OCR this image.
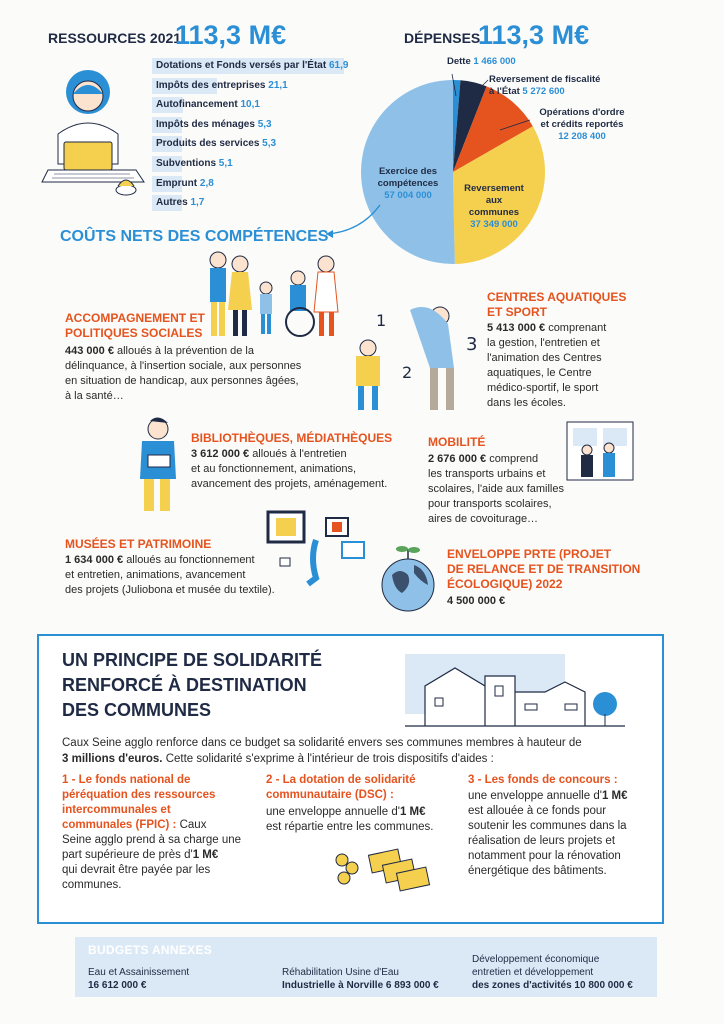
RESSOURCES 2021
113,3 M€	DÉPENSES
113,3 M€
Dotations et Fonds versés par l'État 61,9
Impôts des entreprises 21,1
Autofinancement 10,1
Impôts des ménages 5,3
Produits des services 5,3
Subventions 5,1
Emprunt 2,8
Autres 1,7
Dette 1 466 000
Reversement de fiscalité
à l'État 5 272 600
Opérations d'ordre
et crédits reportés
12 208 400
Exercice des
compétences
57 004 000
Reversement
aux
communes
37 349 000
COÛTS NETS DES COMPÉTENCES
ACCOMPAGNEMENT ET
POLITIQUES SOCIALES
443 000 € alloués à la prévention de la
délinquance, à l'insertion sociale, aux personnes
en situation de handicap, aux personnes âgées,
à la santé…
1
2
3
CENTRES AQUATIQUES
ET SPORT
5 413 000 € comprenant
la gestion, l'entretien et
l'animation des Centres
aquatiques, le Centre
médico-sportif, le sport
dans les écoles.
BIBLIOTHÈQUES, MÉDIATHÈQUES
3 612 000 € alloués à l'entretien
et au fonctionnement, animations,
avancement des projets, aménagement.
MOBILITÉ
2 676 000 € comprend
les transports urbains et
scolaires, l'aide aux familles
pour transports scolaires,
aires de covoiturage…
MUSÉES ET PATRIMOINE
1 634 000 € alloués au fonctionnement
et entretien, animations, avancement
des projets (Juliobona et musée du textile).
ENVELOPPE PRTE (PROJET
DE RELANCE ET DE TRANSITION
ÉCOLOGIQUE) 2022
4 500 000 €
UN PRINCIPE DE SOLIDARITÉ
RENFORCÉ À DESTINATION
DES COMMUNES
Caux Seine agglo renforce dans ce budget sa solidarité envers ses communes membres à hauteur de
3 millions d'euros. Cette solidarité s'exprime à l'intérieur de trois dispositifs d'aides :
1 - Le fonds national de
péréquation des ressources
intercommunales et
communales (FPIC) : Caux
Seine agglo prend à sa charge une
part supérieure de près d'1 M€
qui devrait être payée par les
communes.
2 - La dotation de solidarité
communautaire (DSC) :
une enveloppe annuelle d'1 M€
est répartie entre les communes.
3 - Les fonds de concours :
une enveloppe annuelle d'1 M€
est allouée à ce fonds pour
soutenir les communes dans la
réalisation de leurs projets et
notamment pour la rénovation
énergétique des bâtiments.
BUDGETS ANNEXES
Eau et Assainissement
16 612 000 €
Réhabilitation Usine d'Eau
Industrielle à Norville 6 893 000 €
Développement économique
entretien et développement
des zones d'activités 10 800 000 €
